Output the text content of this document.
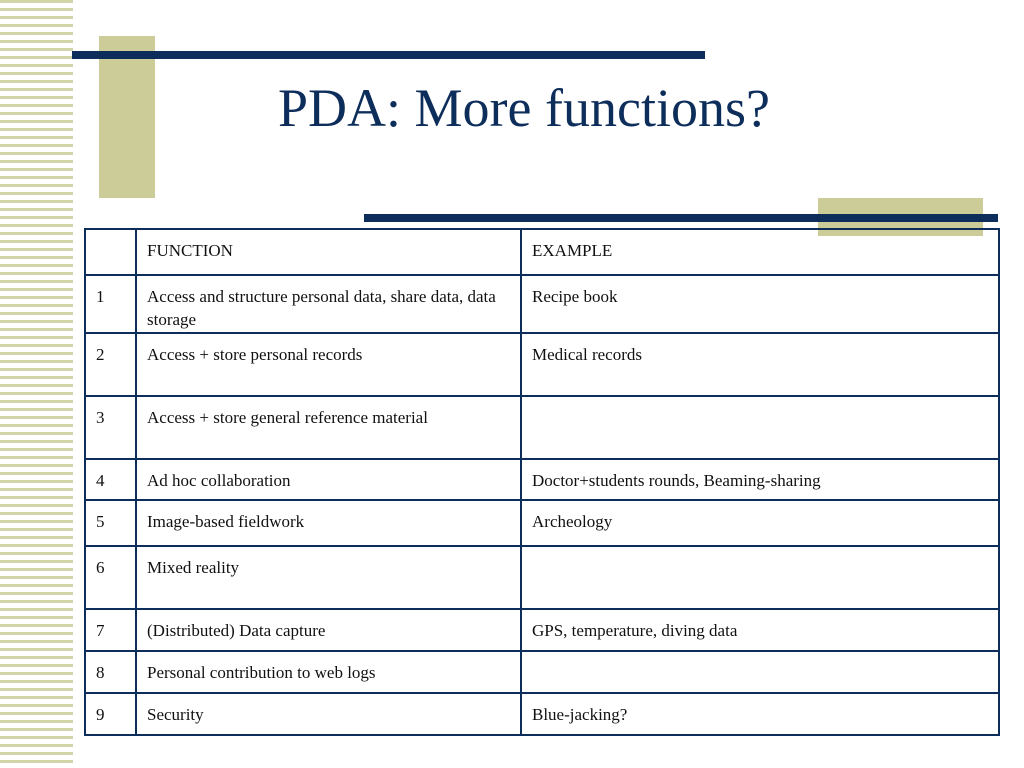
PDA: More functions?
	FUNCTION	EXAMPLE
1	Access and structure personal data, share data, data storage	Recipe book
2	Access + store personal records	Medical records
3	Access + store general reference material	
4	Ad hoc collaboration	Doctor+students rounds, Beaming-sharing
5	Image-based fieldwork	Archeology
6	Mixed reality	
7	(Distributed) Data capture	GPS, temperature, diving data
8	Personal contribution to web logs	
9	Security	Blue-jacking?
